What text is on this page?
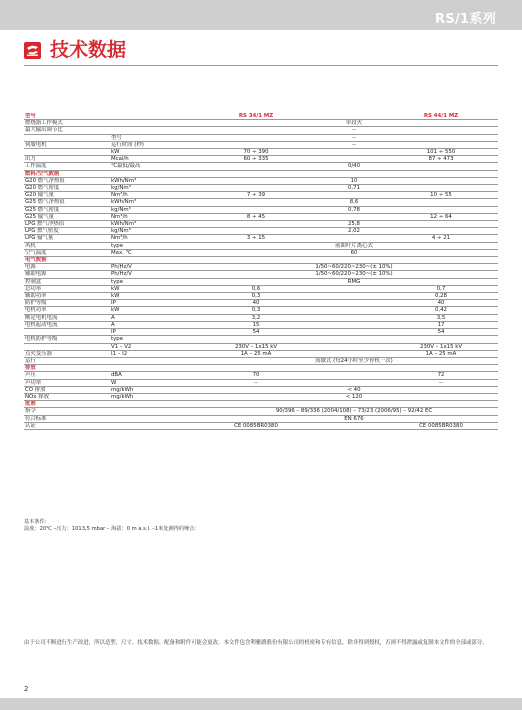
RS/1系列
技术数据
型号		RS 34/1 MZ		RS 44/1 MZ
燃烧器工作模式		单段火		
最大输出调节比		--		
	型号	--		
伺服电机	运行时间 (秒)	--		
	kW	70 ÷ 390		101 ÷ 550
出力	Mcal/h	60 ÷ 335		87 ÷ 473
工作温度	℃最低/最高	0/40		
燃料/空气数据				
G20 燃气净热值	kWh/Nm³	10		
G20 燃气密度	kg/Nm³	0,71		
G20 输气量	Nm³/h	7 ÷ 39		10 ÷ 55
G25 燃气净热值	kWh/Nm³	8,6		
G25 燃气密度	kg/Nm³	0,78		
G25 输气量	Nm³/h	8 ÷ 45		12 ÷ 64
LPG 燃气净热值	kWh/Nm³	25,8		
LPG 燃气密度	kg/Nm³	2,02		
LPG 输气量	Nm³/h	3 ÷ 15		4 ÷ 21
风机	type	前曲叶片离心式		
空气温度	Max. ℃	60		
电气数据				
电源	Ph/Hz/V	1/50~60/220~230~(± 10%)		
辅助电源	Ph/Hz/V	1/50~60/220~230~(± 10%)		
控制盒	type	RMG		
总功率	kW	0,6		0,7
辅助功率	kW	0,3		0,28
防护等级	IP	40		40
电机功率	kW	0,3		0,42
额定电机电流	A	3,2		3,5
电机起动电流	A	15		17
	IP	54		54
电机防护等级	type			
	V1 – V2	230V – 1x15 kV		230V – 1x15 kV
点火变压器	I1 – I2	1A – 25 mA		1A – 25 mA
运行		间歇式 (每24小时至少停机一次)		
排放				
声压	dBA	70		72
声功率	W	--		--
CO 排放	mg/kWh	< 40		
NOx 排放	mg/kWh	< 120		
批准				
指令		90/396 – 89/336 (2004/108) – 73/23 (2006/95) – 92/42 EC		
符合标准		EN 676		
认证		CE 0085BR0380		CE 0085BR0380
基本条件:
温度：20℃ –压力：1013,5 mbar – 海拔：0 m a.s.l. –1米处测得的噪音：
由于公司不断进行生产改进，所以造型、尺寸、技术数据、配备和附件可能会更改。本文件包含利雅路股份有限公司的机密和专有信息，除非得到授权，否则不得泄露或复制本文件的全部或部分。
2
